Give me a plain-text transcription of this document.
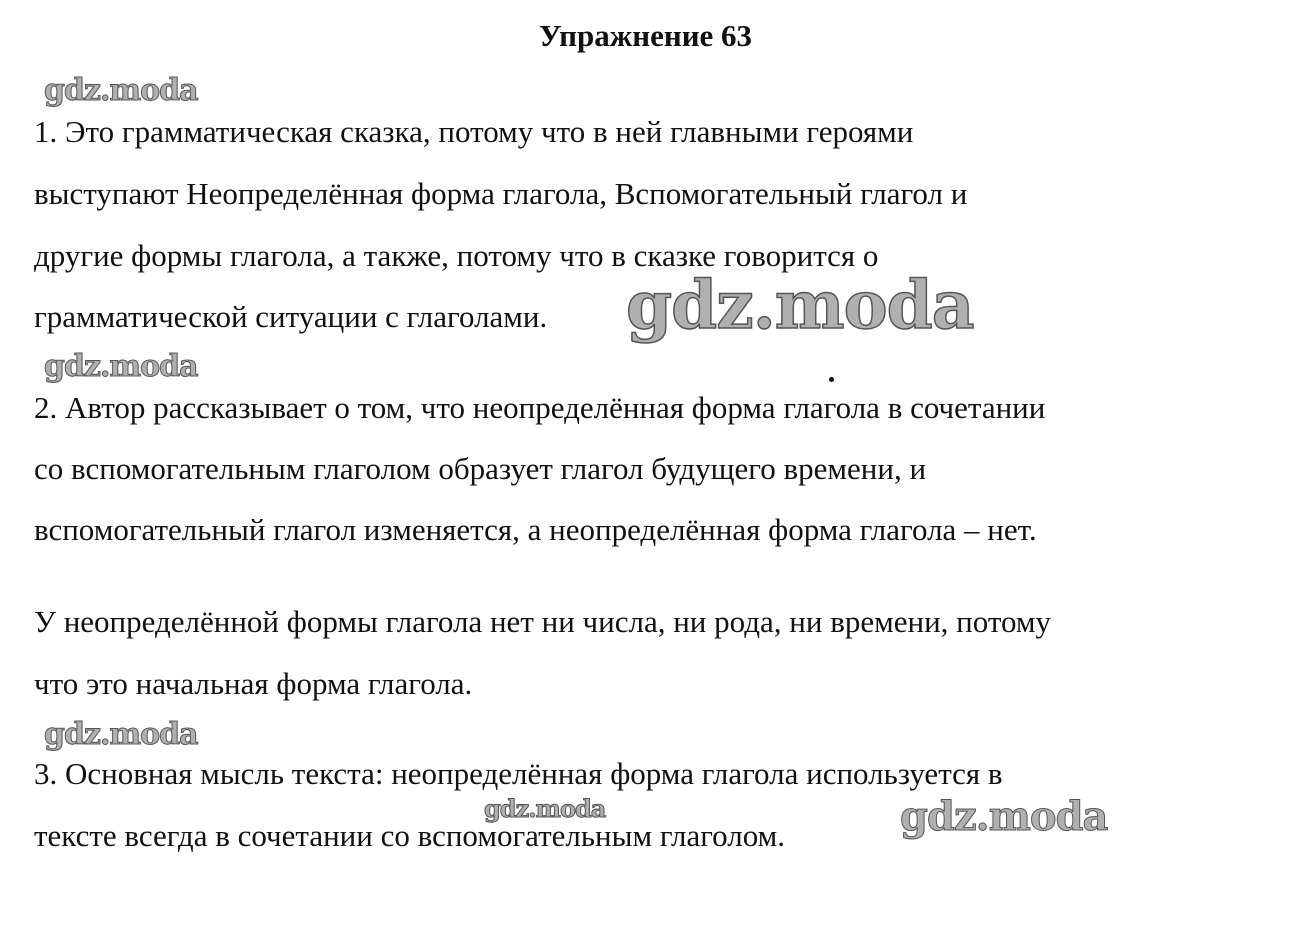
Упражнение 63
gdz.moda
1. Это грамматическая сказка, потому что в ней главными героями
выступают Неопределённая форма глагола, Вспомогательный глагол и
другие формы глагола, а также, потому что в сказке говорится о
грамматической ситуации с глаголами. gdz.moda
gdz.moda
2. Автор рассказывает о том, что неопределённая форма глагола в сочетании
со вспомогательным глаголом образует глагол будущего времени, и
вспомогательный глагол изменяется, а неопределённая форма глагола – нет.
У неопределённой формы глагола нет ни числа, ни рода, ни времени, потому
что это начальная форма глагола.
gdz.moda
3. Основная мысль текста: неопределённая форма глагола используется в
тексте всегда в сочетании со вспомогательным глаголом.
gdz.moda	gdz.moda
